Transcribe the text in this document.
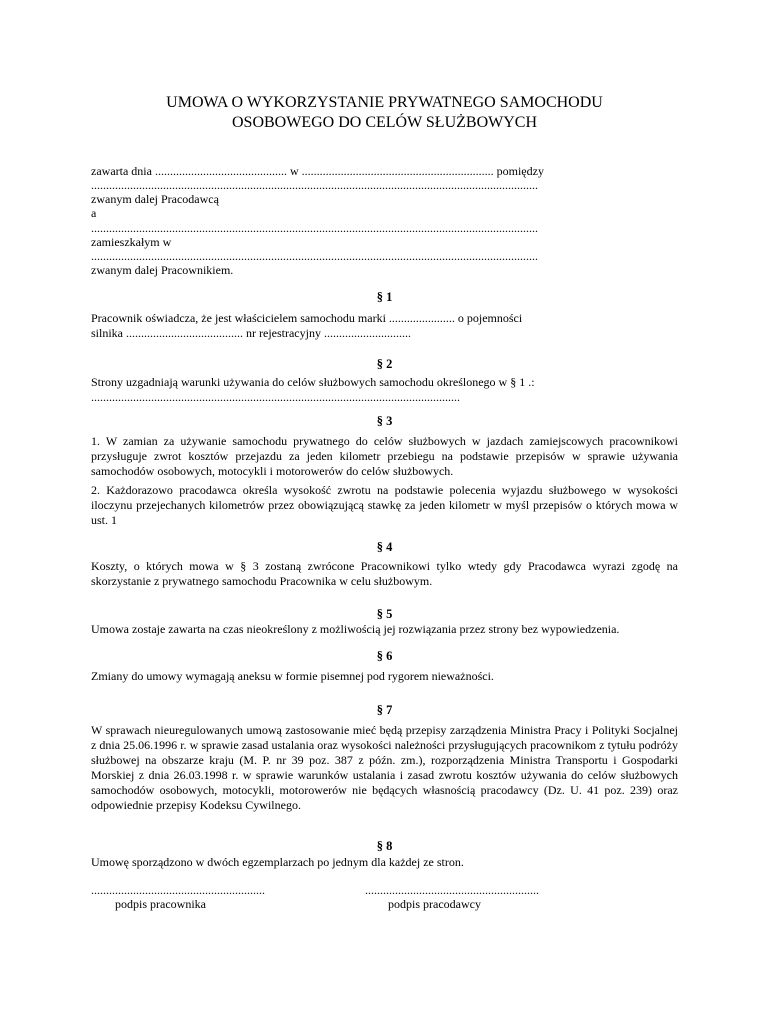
UMOWA O WYKORZYSTANIE PRYWATNEGO SAMOCHODU
OSOBOWEGO DO CELÓW SŁUŻBOWYCH
zawarta dnia ............................................ w ................................................................ pomiędzy
.....................................................................................................................................................
zwanym dalej Pracodawcą
a
.....................................................................................................................................................
zamieszkałym w
.....................................................................................................................................................
zwanym dalej Pracownikiem.
§ 1
Pracownik oświadcza, że jest właścicielem samochodu marki ...................... o pojemności
silnika ....................................... nr rejestracyjny .............................
§ 2
Strony uzgadniają warunki używania do celów służbowych samochodu określonego w § 1 .:
...........................................................................................................................
§ 3
1. W zamian za używanie samochodu prywatnego do celów służbowych w jazdach zamiejscowych pracownikowi przysługuje zwrot kosztów przejazdu za jeden kilometr przebiegu na podstawie przepisów w sprawie używania samochodów osobowych, motocykli i motorowerów do celów służbowych.
2. Każdorazowo pracodawca określa wysokość zwrotu na podstawie polecenia wyjazdu służbowego w wysokości iloczynu przejechanych kilometrów przez obowiązującą stawkę za jeden kilometr w myśl przepisów o których mowa w ust. 1
§ 4
Koszty, o których mowa w § 3 zostaną zwrócone Pracownikowi tylko wtedy gdy Pracodawca wyrazi zgodę na skorzystanie z prywatnego samochodu Pracownika w celu służbowym.
§ 5
Umowa zostaje zawarta na czas nieokreślony z możliwością jej rozwiązania przez strony bez wypowiedzenia.
§ 6
Zmiany do umowy wymagają aneksu w formie pisemnej pod rygorem nieważności.
§ 7
W sprawach nieuregulowanych umową zastosowanie mieć będą przepisy zarządzenia Ministra Pracy i Polityki Socjalnej z dnia 25.06.1996 r. w sprawie zasad ustalania oraz wysokości należności przysługujących pracownikom z tytułu podróży służbowej na obszarze kraju (M. P. nr 39 poz. 387 z późn. zm.), rozporządzenia Ministra Transportu i Gospodarki Morskiej z dnia 26.03.1998 r. w sprawie warunków ustalania i zasad zwrotu kosztów używania do celów służbowych samochodów osobowych, motocykli, motorowerów nie będących własnością pracodawcy (Dz. U. 41 poz. 239) oraz odpowiednie przepisy Kodeksu Cywilnego.
§ 8
Umowę sporządzono w dwóch egzemplarzach po jednym dla każdej ze stron.
..........................................................	..........................................................
podpis pracownika	podpis pracodawcy
